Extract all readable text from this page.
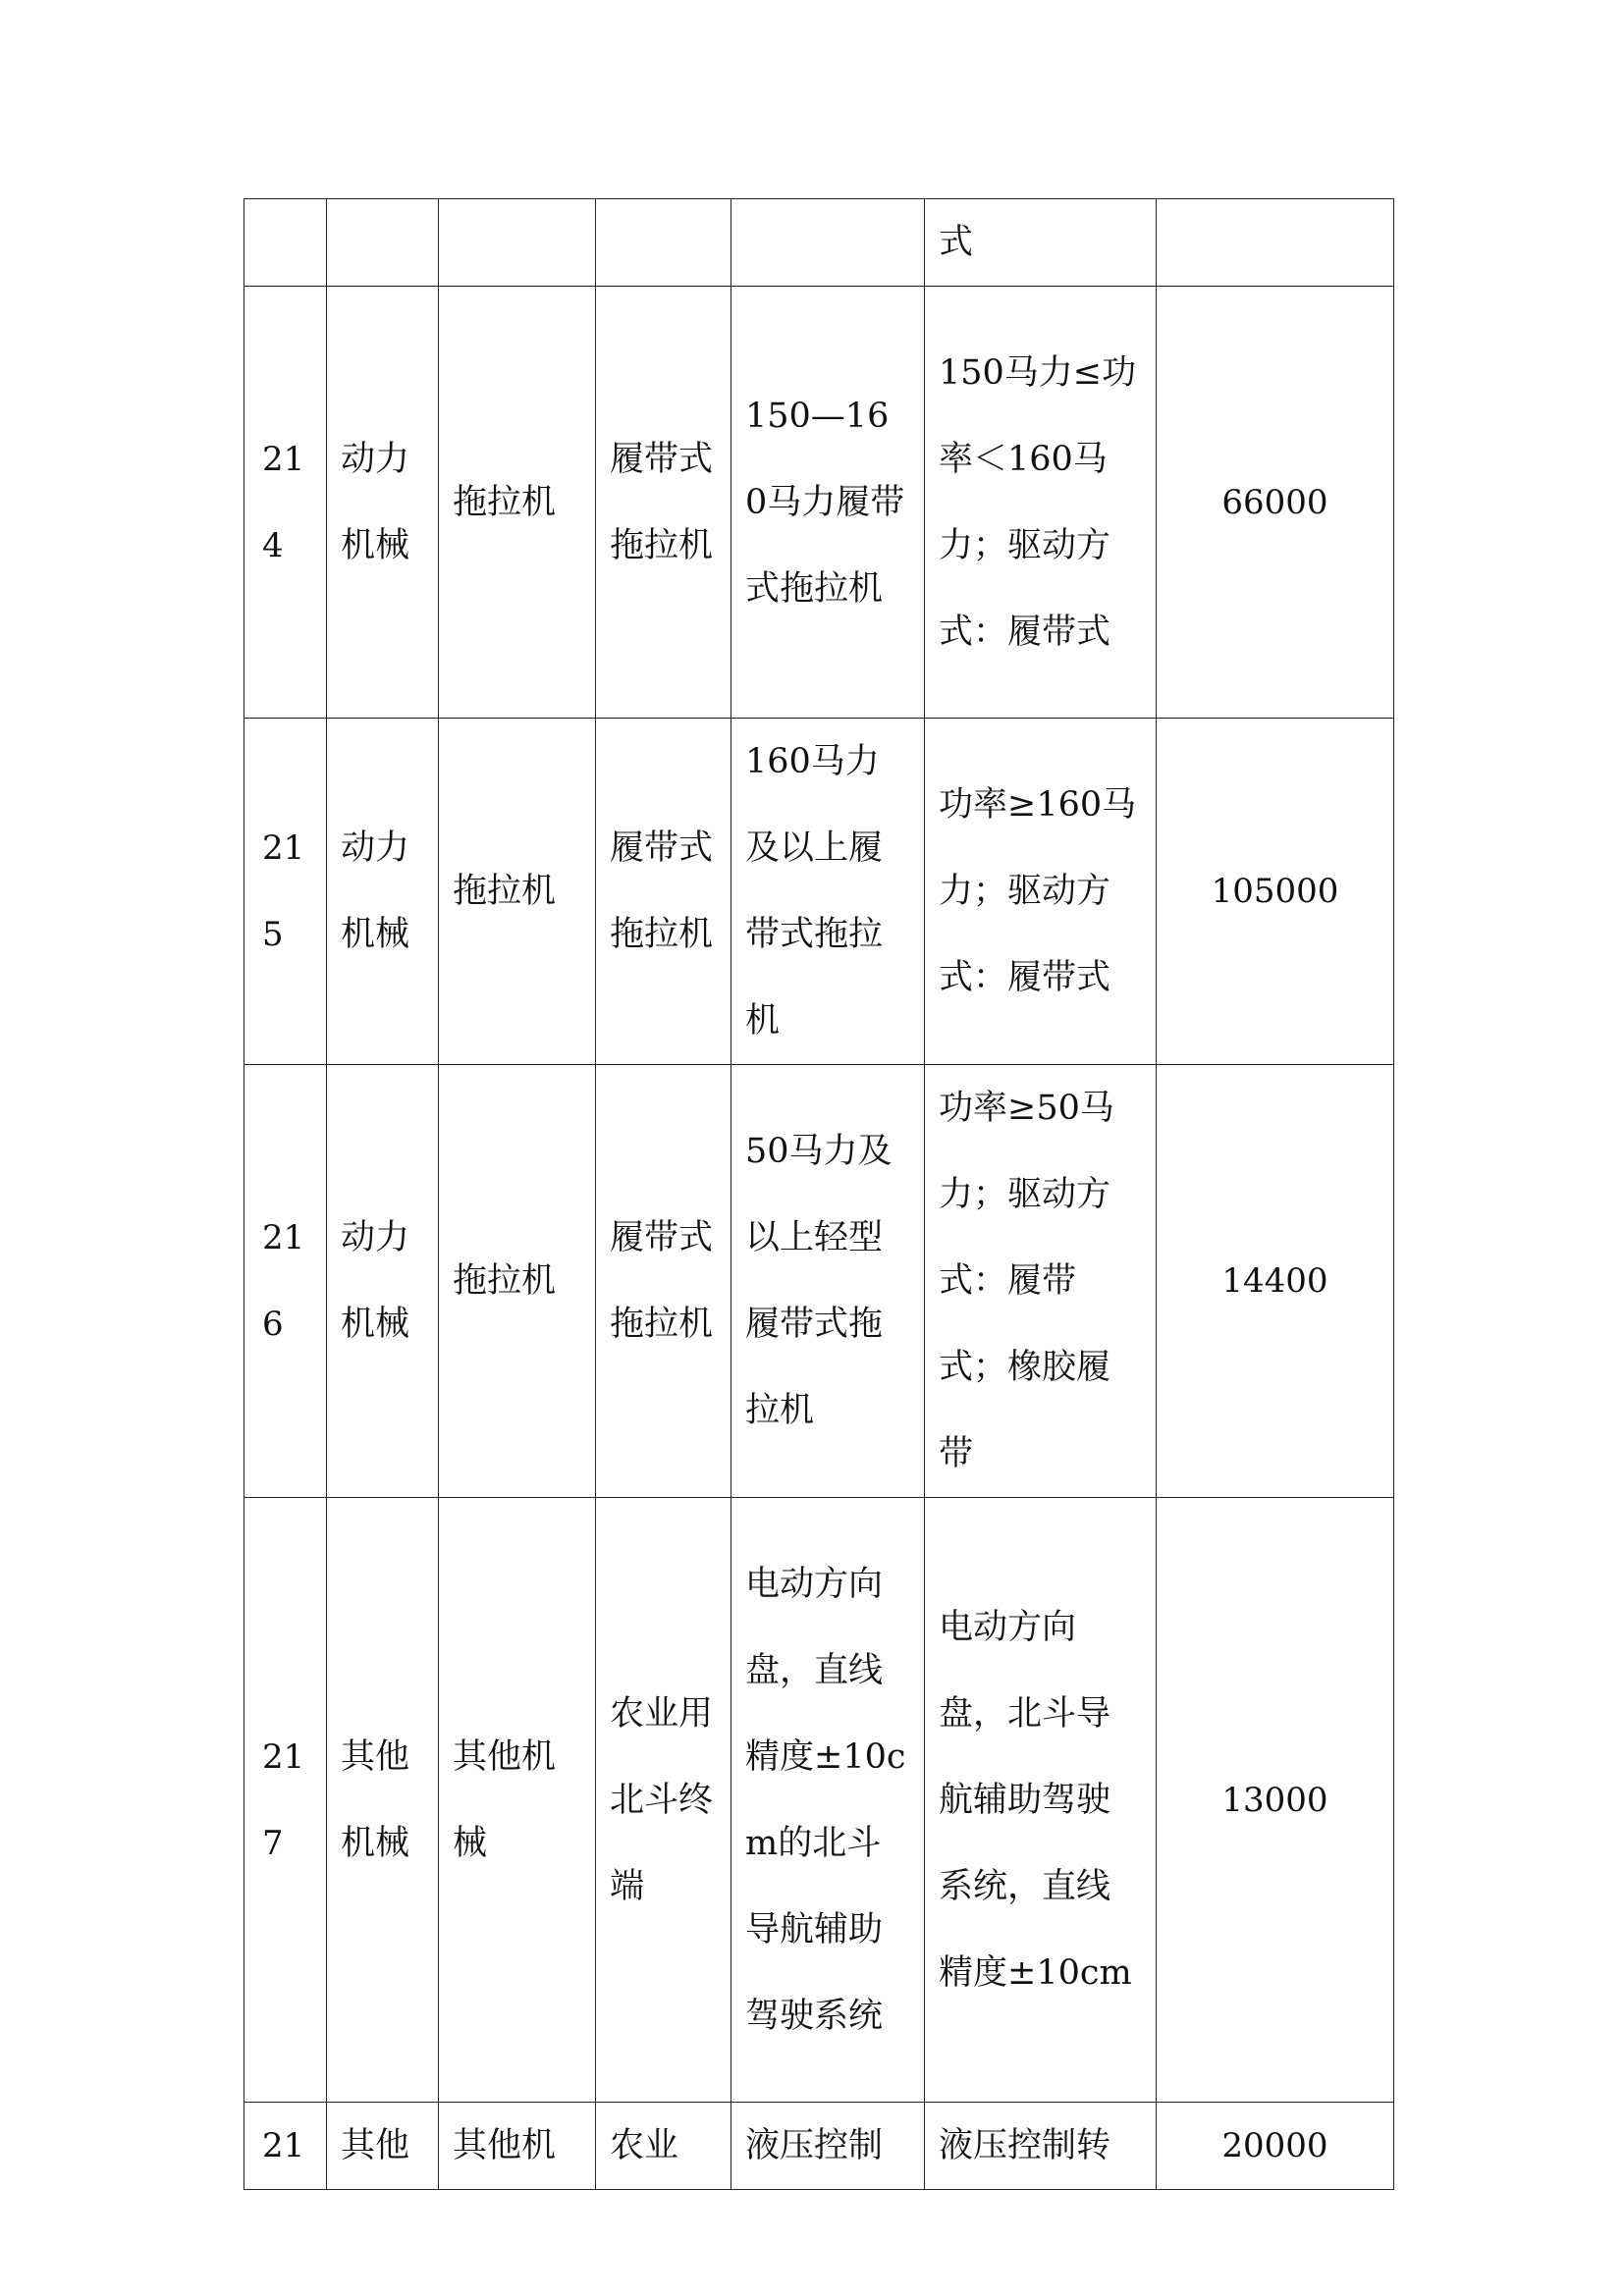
					式	

214	动力机械	拖拉机	履带式拖拉机	150—160马力履带式拖拉机	150马力≤功率＜160马力；驱动方式：履带式	66000

215	动力机械	拖拉机	履带式拖拉机	160马力及以上履带式拖拉机	功率≥160马力；驱动方式：履带式	105000

216	动力机械	拖拉机	履带式拖拉机	50马力及以上轻型履带式拖拉机	功率≥50马力；驱动方式：履带式；橡胶履带	14400

217	其他机械	其他机械	农业用北斗终端	电动方向盘，直线精度±10cm的北斗导航辅助驾驶系统	电动方向盘，北斗导航辅助驾驶系统，直线精度±10cm	13000

21	其他	其他机	农业	液压控制	液压控制转	20000
